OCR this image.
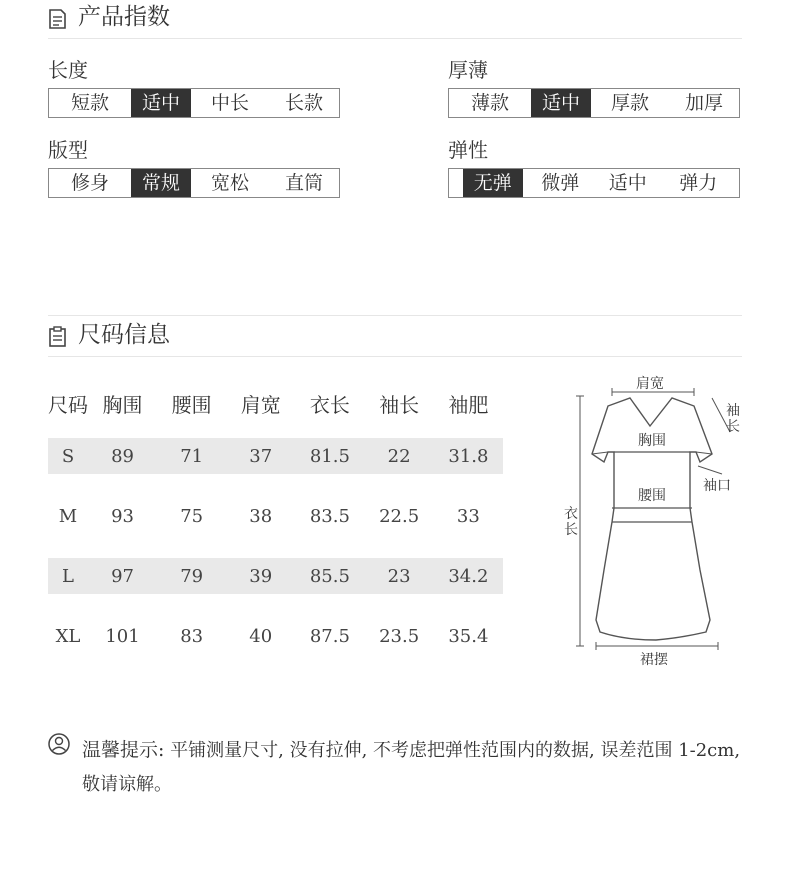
产品指数
长度
短款	适中	中长	长款
厚薄
薄款	适中	厚款	加厚
版型
修身	常规	宽松	直筒
弹性
无弹	微弹	适中	弹力
尺码信息
尺码	胸围	腰围	肩宽	衣长	袖长	袖肥

S	89	71	37	81.5	22	31.8

M	93	75	38	83.5	22.5	33

L	97	79	39	85.5	23	34.2

XL	101	83	40	87.5	23.5	35.4
肩宽
袖长
胸围
袖口
腰围
衣长
裙摆
温馨提示: 平铺测量尺寸, 没有拉伸, 不考虑把弹性范围内的数据, 误差范围 1-2cm, 敬请谅解。
